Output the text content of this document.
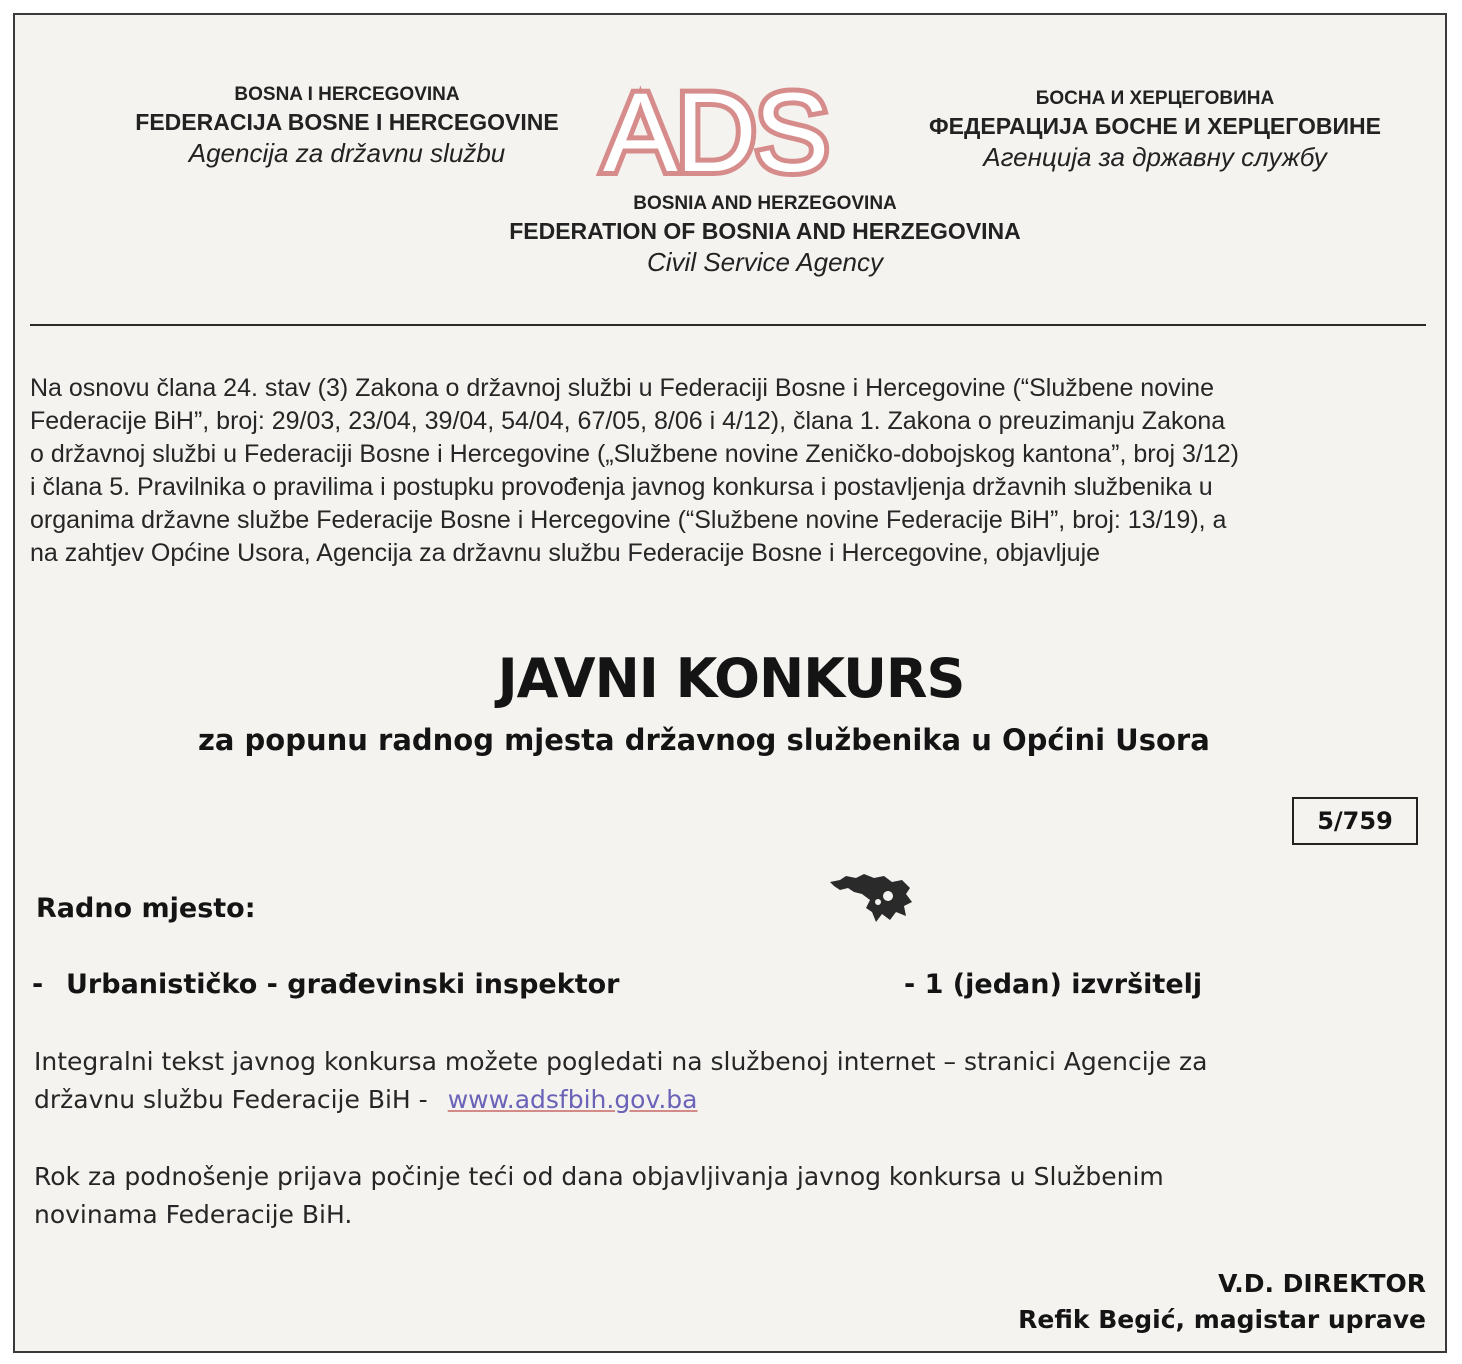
BOSNA I HERCEGOVINA
FEDERACIJA BOSNE I HERCEGOVINE
Agencija za državnu službu ADS	БОСНА И ХЕРЦЕГОВИНА
ФЕДЕРАЦИЈА БОСНЕ И ХЕРЦЕГОВИНЕ
Агенција за државну службу
BOSNIA AND HERZEGOVINA
FEDERATION OF BOSNIA AND HERZEGOVINA
Civil Service Agency
Na osnovu člana 24. stav (3) Zakona o državnoj službi u Federaciji Bosne i Hercegovine (“Službene novine
Federacije BiH”, broj: 29/03, 23/04, 39/04, 54/04, 67/05, 8/06 i 4/12), člana 1. Zakona o preuzimanju Zakona
o državnoj službi u Federaciji Bosne i Hercegovine („Službene novine Zeničko-dobojskog kantona”, broj 3/12)
i člana 5. Pravilnika o pravilima i postupku provođenja javnog konkursa i postavljenja državnih službenika u
organima državne službe Federacije Bosne i Hercegovine (“Službene novine Federacije BiH”, broj: 13/19), a
na zahtjev Općine Usora, Agencija za državnu službu Federacije Bosne i Hercegovine, objavljuje
JAVNI KONKURS
za popunu radnog mjesta državnog službenika u Općini Usora
5/759
Radno mjesto:
- Urbanističko - građevinski inspektor	- 1 (jedan) izvršitelj
Integralni tekst javnog konkursa možete pogledati na službenoj internet – stranici Agencije za
državnu službu Federacije BiH - www.adsfbih.gov.ba
Rok za podnošenje prijava počinje teći od dana objavljivanja javnog konkursa u Službenim
novinama Federacije BiH.
V.D. DIREKTOR
Refik Begić, magistar uprave
